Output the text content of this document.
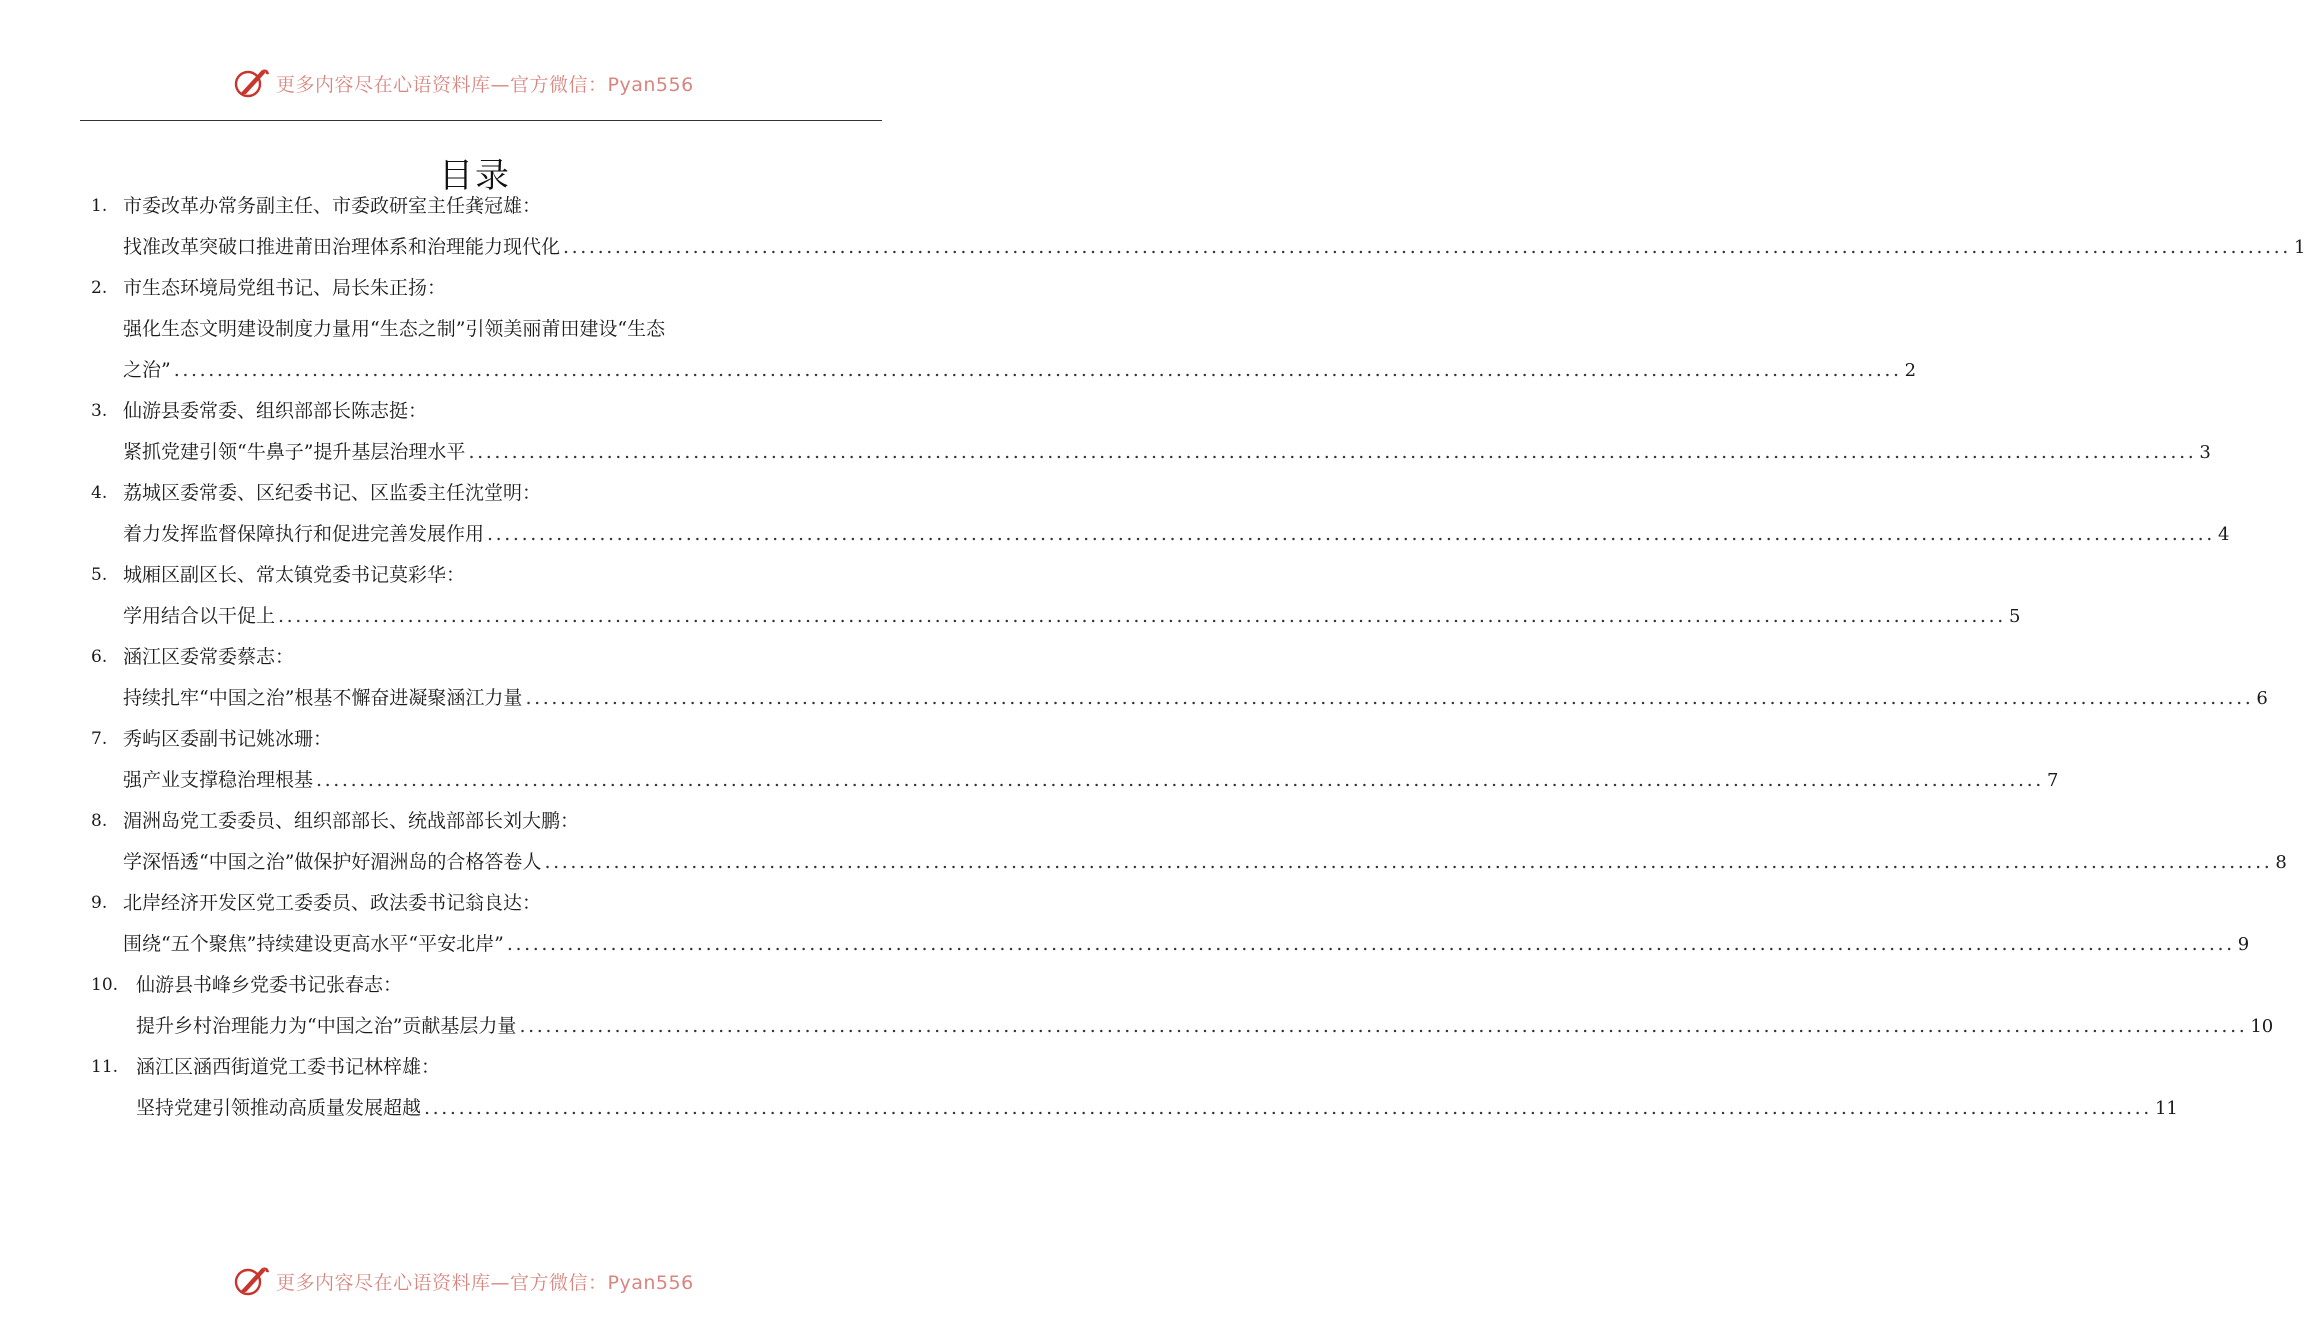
更多内容尽在心语资料库—官方微信：Pyan556
目录
1. 市委改革办常务副主任、市委政研室主任龚冠雄：
找准改革突破口推进莆田治理体系和治理能力现代化 ........................................................................................................................................................................................................ 1
2. 市生态环境局党组书记、局长朱正扬：
强化生态文明建设制度力量用“生态之制”引领美丽莆田建设“生态
之治” ........................................................................................................................................................................................................ 2
3. 仙游县委常委、组织部部长陈志挺：
紧抓党建引领“牛鼻子”提升基层治理水平 ........................................................................................................................................................................................................ 3
4. 荔城区委常委、区纪委书记、区监委主任沈堂明：
着力发挥监督保障执行和促进完善发展作用 ........................................................................................................................................................................................................ 4
5. 城厢区副区长、常太镇党委书记莫彩华：
学用结合以干促上 ........................................................................................................................................................................................................ 5
6. 涵江区委常委蔡志：
持续扎牢“中国之治”根基不懈奋进凝聚涵江力量 ........................................................................................................................................................................................................ 6
7. 秀屿区委副书记姚冰珊：
强产业支撑稳治理根基 ........................................................................................................................................................................................................ 7
8. 湄洲岛党工委委员、组织部部长、统战部部长刘大鹏：
学深悟透“中国之治”做保护好湄洲岛的合格答卷人 ........................................................................................................................................................................................................ 8
9. 北岸经济开发区党工委委员、政法委书记翁良达：
围绕“五个聚焦”持续建设更高水平“平安北岸” ........................................................................................................................................................................................................ 9
10. 仙游县书峰乡党委书记张春志：
提升乡村治理能力为“中国之治”贡献基层力量 ........................................................................................................................................................................................................ 10
11. 涵江区涵西街道党工委书记林梓雄：
坚持党建引领推动高质量发展超越 ........................................................................................................................................................................................................ 11
更多内容尽在心语资料库—官方微信：Pyan556
